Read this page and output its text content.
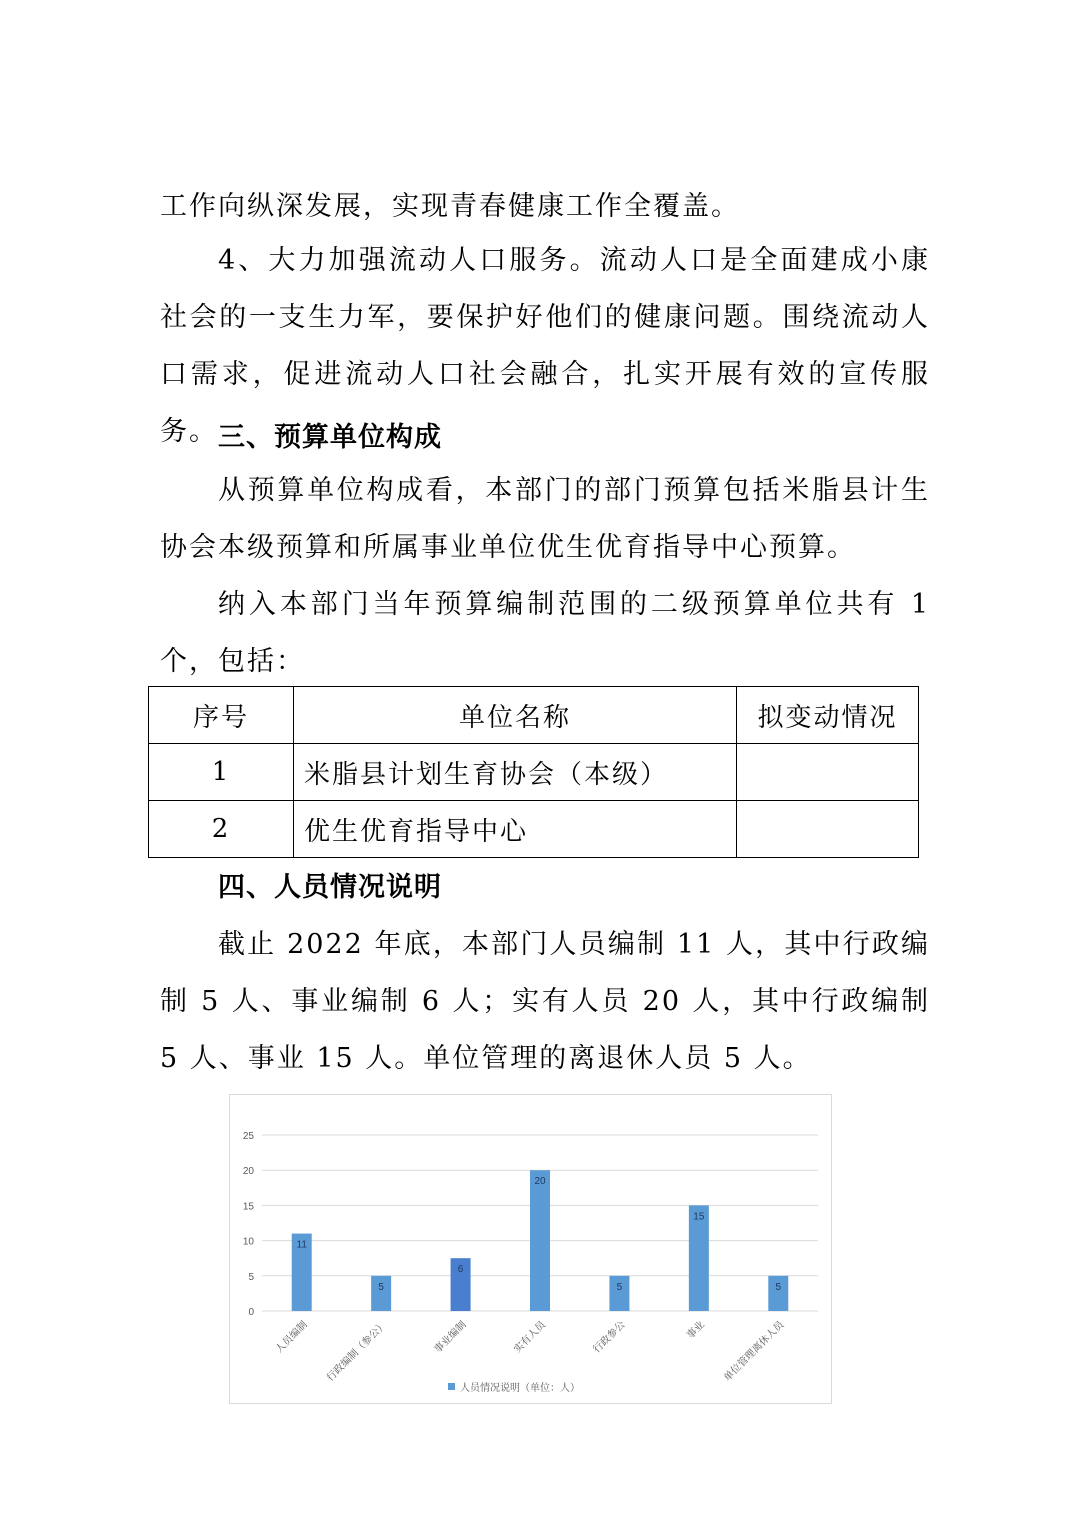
工作向纵深发展，实现青春健康工作全覆盖。

4、大力加强流动人口服务。流动人口是全面建成小康社会的一支生力军，要保护好他们的健康问题。围绕流动人口需求，促进流动人口社会融合，扎实开展有效的宣传服务。 三、预算单位构成

从预算单位构成看，本部门的部门预算包括米脂县计生协会本级预算和所属事业单位优生优育指导中心预算。

纳入本部门当年预算编制范围的二级预算单位共有 1 个，包括：

序号	单位名称	拟变动情况
1	米脂县计划生育协会（本级）	
2	优生优育指导中心	
四、人员情况说明

截止 2022 年底，本部门人员编制 11 人，其中行政编制 5 人、事业编制 6 人；实有人员 20 人，其中行政编制 5 人、事业 15 人。单位管理的离退休人员 5 人。

0
5
10
15
20
25
11
人员编制
5
行政编制（参公）
6
事业编制
20
实有人员
5
行政参公
15
事业
5
单位管理离休人员
人员情况说明（单位：人）
